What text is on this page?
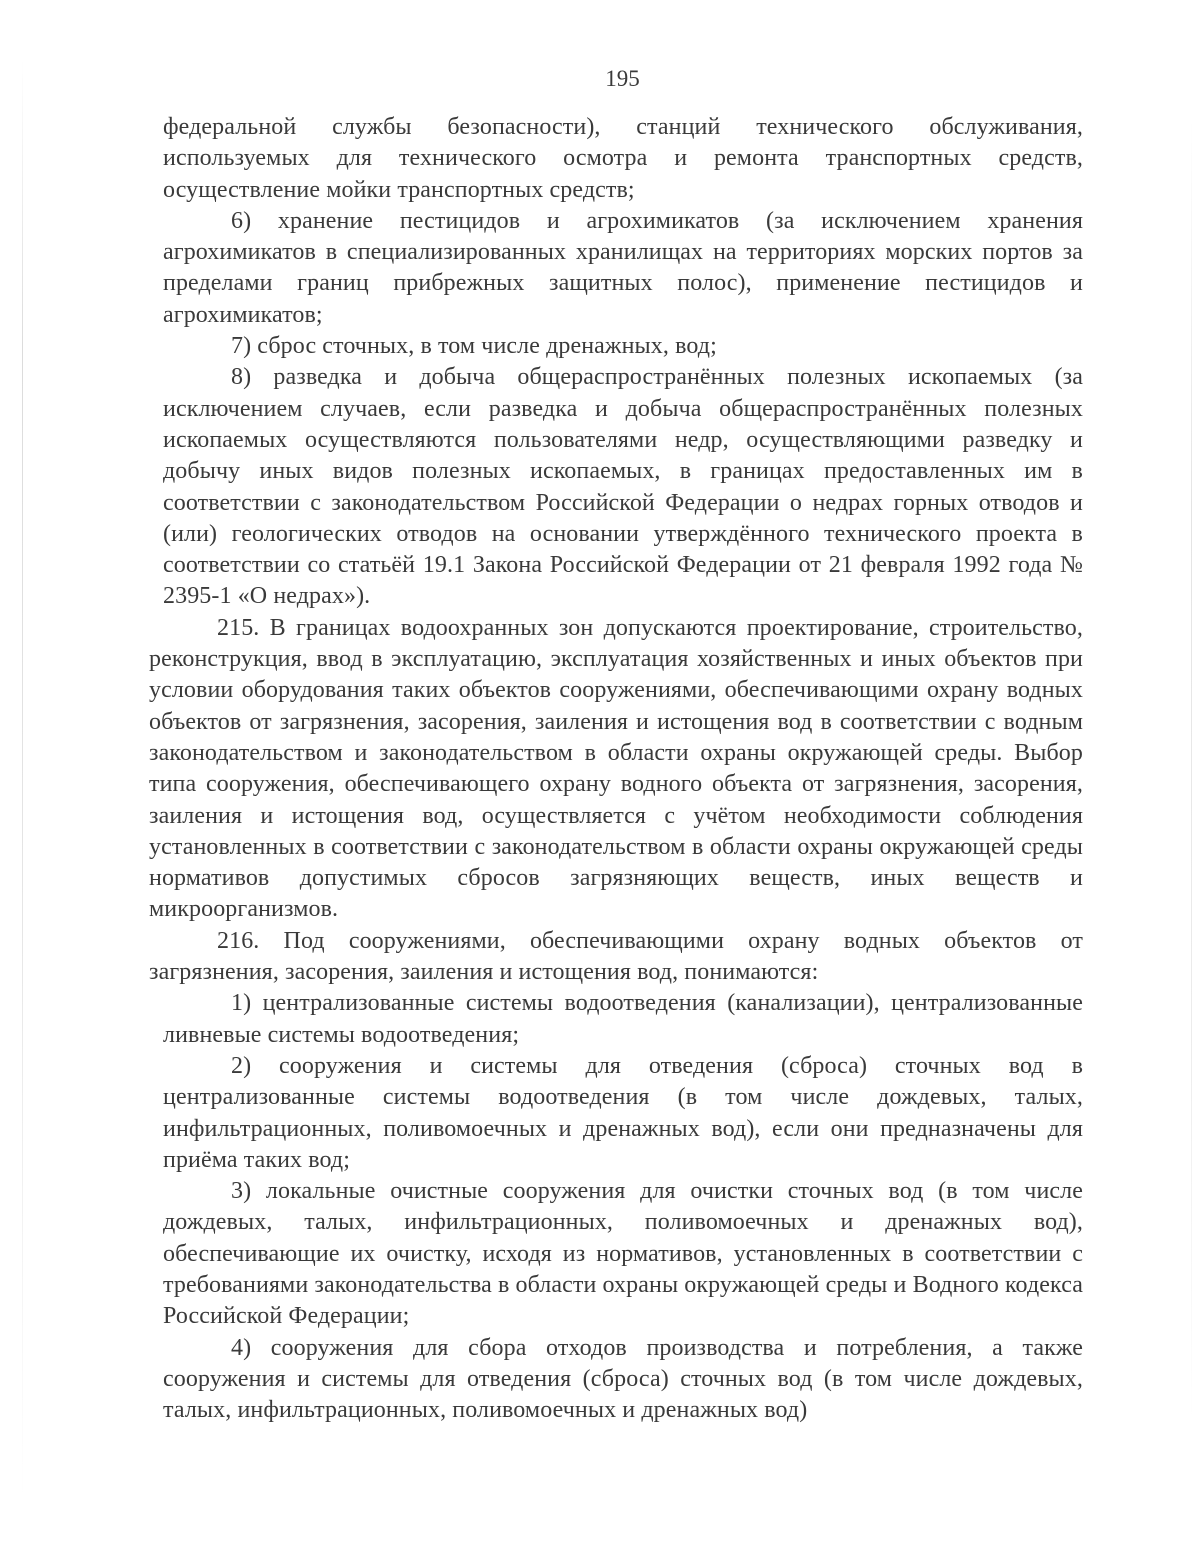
195

федеральной службы безопасности), станций технического обслуживания, используемых для технического осмотра и ремонта транспортных средств, осуществление мойки транспортных средств;

6) хранение пестицидов и агрохимикатов (за исключением хранения агрохимикатов в специализированных хранилищах на территориях морских портов за пределами границ прибрежных защитных полос), применение пестицидов и агрохимикатов;

7) сброс сточных, в том числе дренажных, вод;

8) разведка и добыча общераспространённых полезных ископаемых (за исключением случаев, если разведка и добыча общераспространённых полезных ископаемых осуществляются пользователями недр, осуществляющими разведку и добычу иных видов полезных ископаемых, в границах предоставленных им в соответствии с законодательством Российской Федерации о недрах горных отводов и (или) геологических отводов на основании утверждённого технического проекта в соответствии со статьёй 19.1 Закона Российской Федерации от 21 февраля 1992 года № 2395-1 «О недрах»).

215. В границах водоохранных зон допускаются проектирование, строительство, реконструкция, ввод в эксплуатацию, эксплуатация хозяйственных и иных объектов при условии оборудования таких объектов сооружениями, обеспечивающими охрану водных объектов от загрязнения, засорения, заиления и истощения вод в соответствии с водным законодательством и законодательством в области охраны окружающей среды. Выбор типа сооружения, обеспечивающего охрану водного объекта от загрязнения, засорения, заиления и истощения вод, осуществляется с учётом необходимости соблюдения установленных в соответствии с законодательством в области охраны окружающей среды нормативов допустимых сбросов загрязняющих веществ, иных веществ и микроорганизмов.

216. Под сооружениями, обеспечивающими охрану водных объектов от загрязнения, засорения, заиления и истощения вод, понимаются:

1) централизованные системы водоотведения (канализации), централизованные ливневые системы водоотведения;

2) сооружения и системы для отведения (сброса) сточных вод в централизованные системы водоотведения (в том числе дождевых, талых, инфильтрационных, поливомоечных и дренажных вод), если они предназначены для приёма таких вод;

3) локальные очистные сооружения для очистки сточных вод (в том числе дождевых, талых, инфильтрационных, поливомоечных и дренажных вод), обеспечивающие их очистку, исходя из нормативов, установленных в соответствии с требованиями законодательства в области охраны окружающей среды и Водного кодекса Российской Федерации;

4) сооружения для сбора отходов производства и потребления, а также сооружения и системы для отведения (сброса) сточных вод (в том числе дождевых, талых, инфильтрационных, поливомоечных и дренажных вод)
